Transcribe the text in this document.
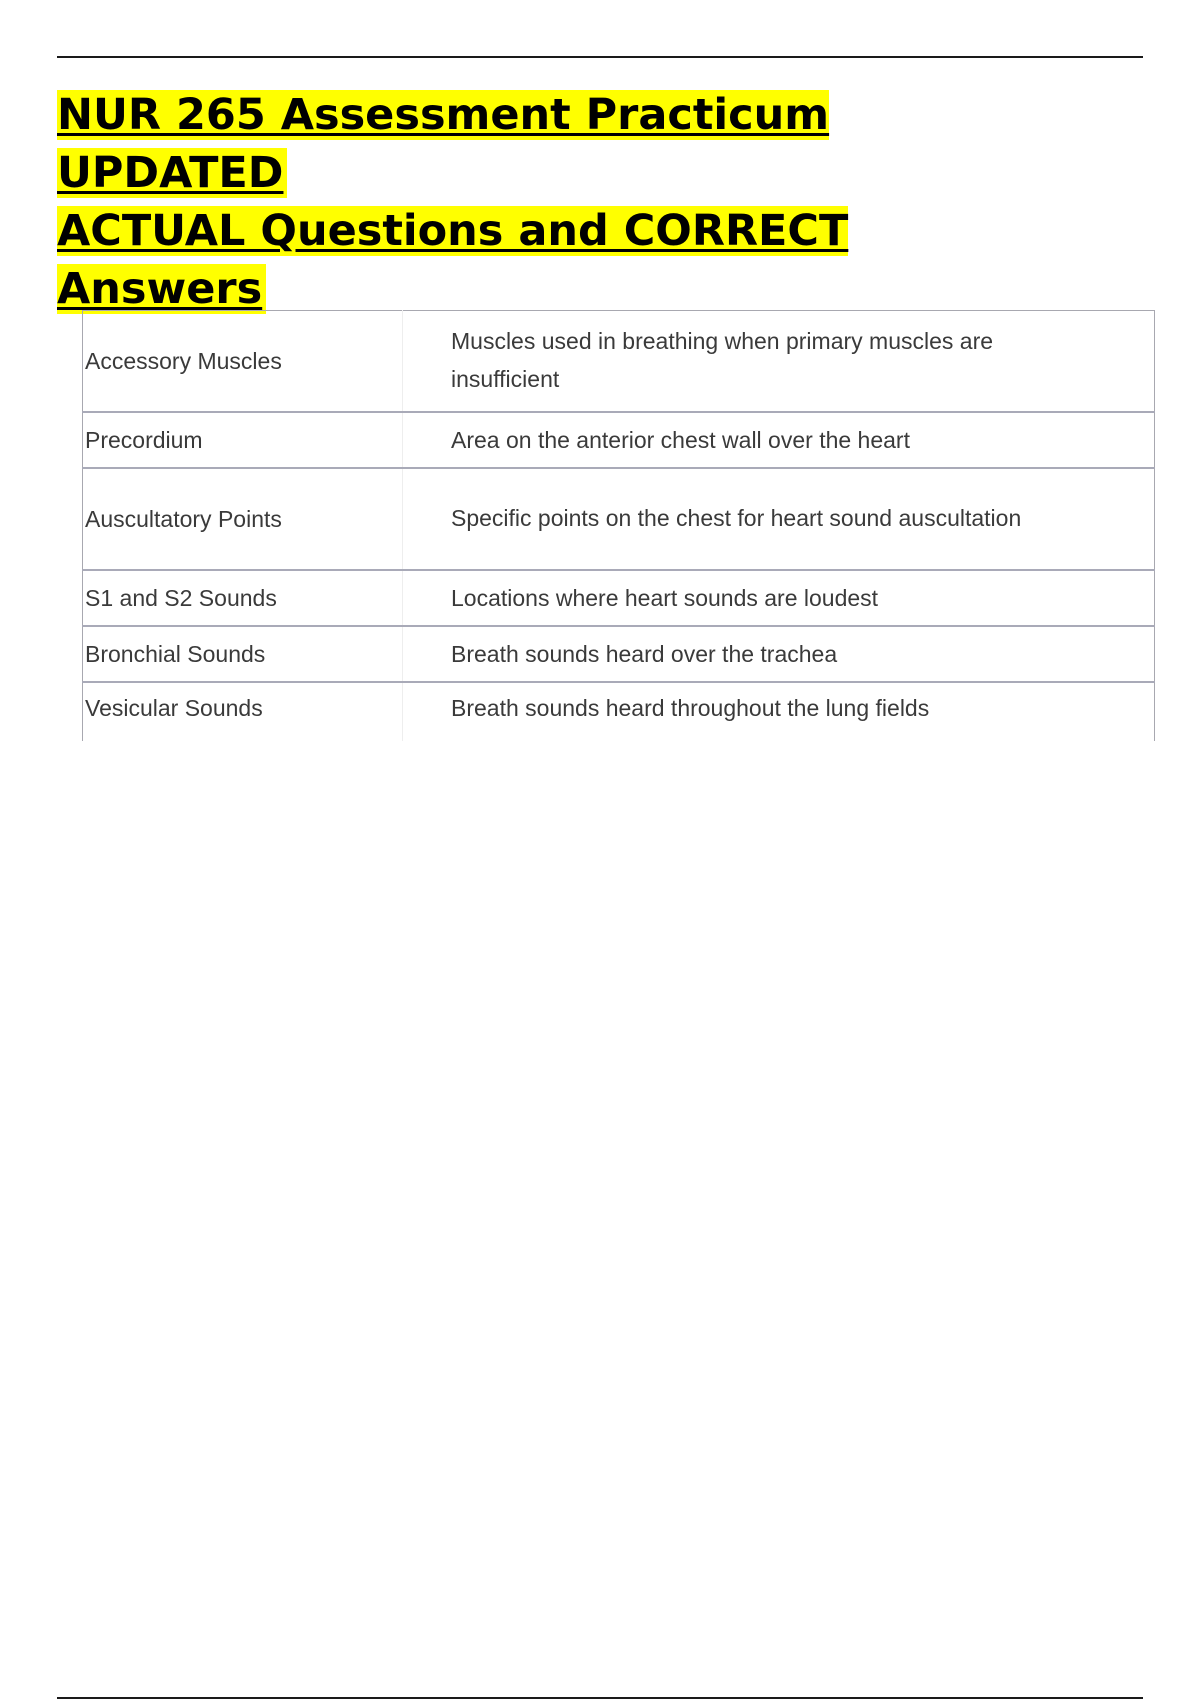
NUR 265 Assessment Practicum UPDATED
ACTUAL Questions and CORRECT Answers
Accessory Muscles	Muscles used in breathing when primary muscles are insufficient
Precordium	Area on the anterior chest wall over the heart
Auscultatory Points	Specific points on the chest for heart sound auscultation
S1 and S2 Sounds	Locations where heart sounds are loudest
Bronchial Sounds	Breath sounds heard over the trachea
Vesicular Sounds	Breath sounds heard throughout the lung fields
